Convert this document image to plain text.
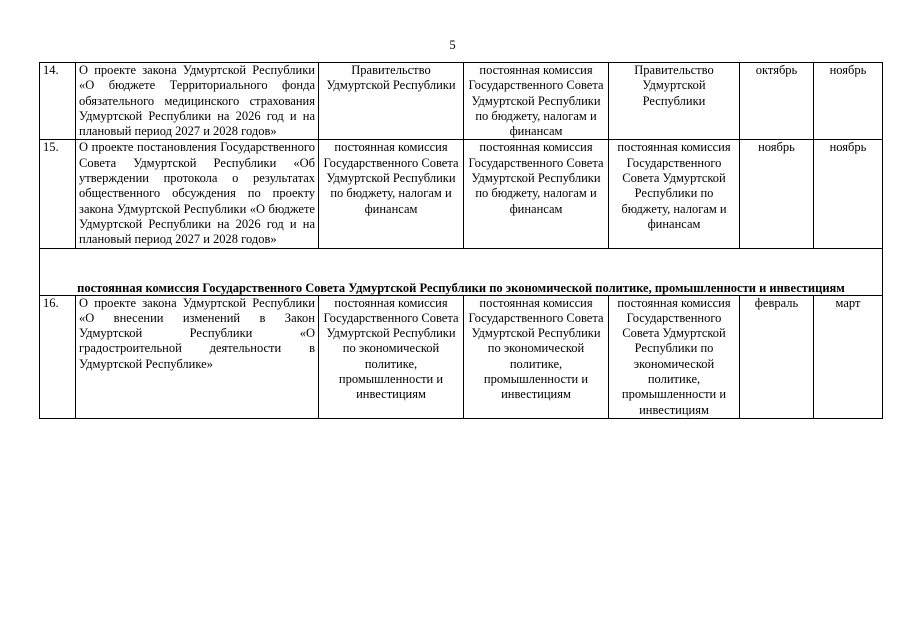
5
14.	О проекте закона Удмуртской Республики «О бюджете Территориального фонда обязательного медицинского страхования Удмуртской Республики на 2026 год и на плановый период 2027 и 2028 годов»	Правительство Удмуртской Республики	постоянная комиссия Государственного Совета Удмуртской Республики по бюджету, налогам и финансам	Правительство Удмуртской Республики	октябрь	ноябрь
15.	О проекте постановления Государственного Совета Удмуртской Республики «Об утверждении протокола о результатах общественного обсуждения по проекту закона Удмуртской Республики «О бюджете Удмуртской Республики на 2026 год и на плановый период 2027 и 2028 годов»	постоянная комиссия Государственного Совета Удмуртской Республики по бюджету, налогам и финансам	постоянная комиссия Государственного Совета Удмуртской Республики по бюджету, налогам и финансам	постоянная комиссия Государственного Совета Удмуртской Республики по бюджету, налогам и финансам	ноябрь	ноябрь
постоянная комиссия Государственного Совета Удмуртской Республики по экономической политике, промышленности и инвестициям						
16.	О проекте закона Удмуртской Республики «О внесении изменений в Закон Удмуртской Республики «О градостроительной деятельности в Удмуртской Республике»	постоянная комиссия Государственного Совета Удмуртской Республики по экономической политике, промышленности и инвестициям	постоянная комиссия Государственного Совета Удмуртской Республики по экономической политике, промышленности и инвестициям	постоянная комиссия Государственного Совета Удмуртской Республики по экономической политике, промышленности и инвестициям	февраль	март
